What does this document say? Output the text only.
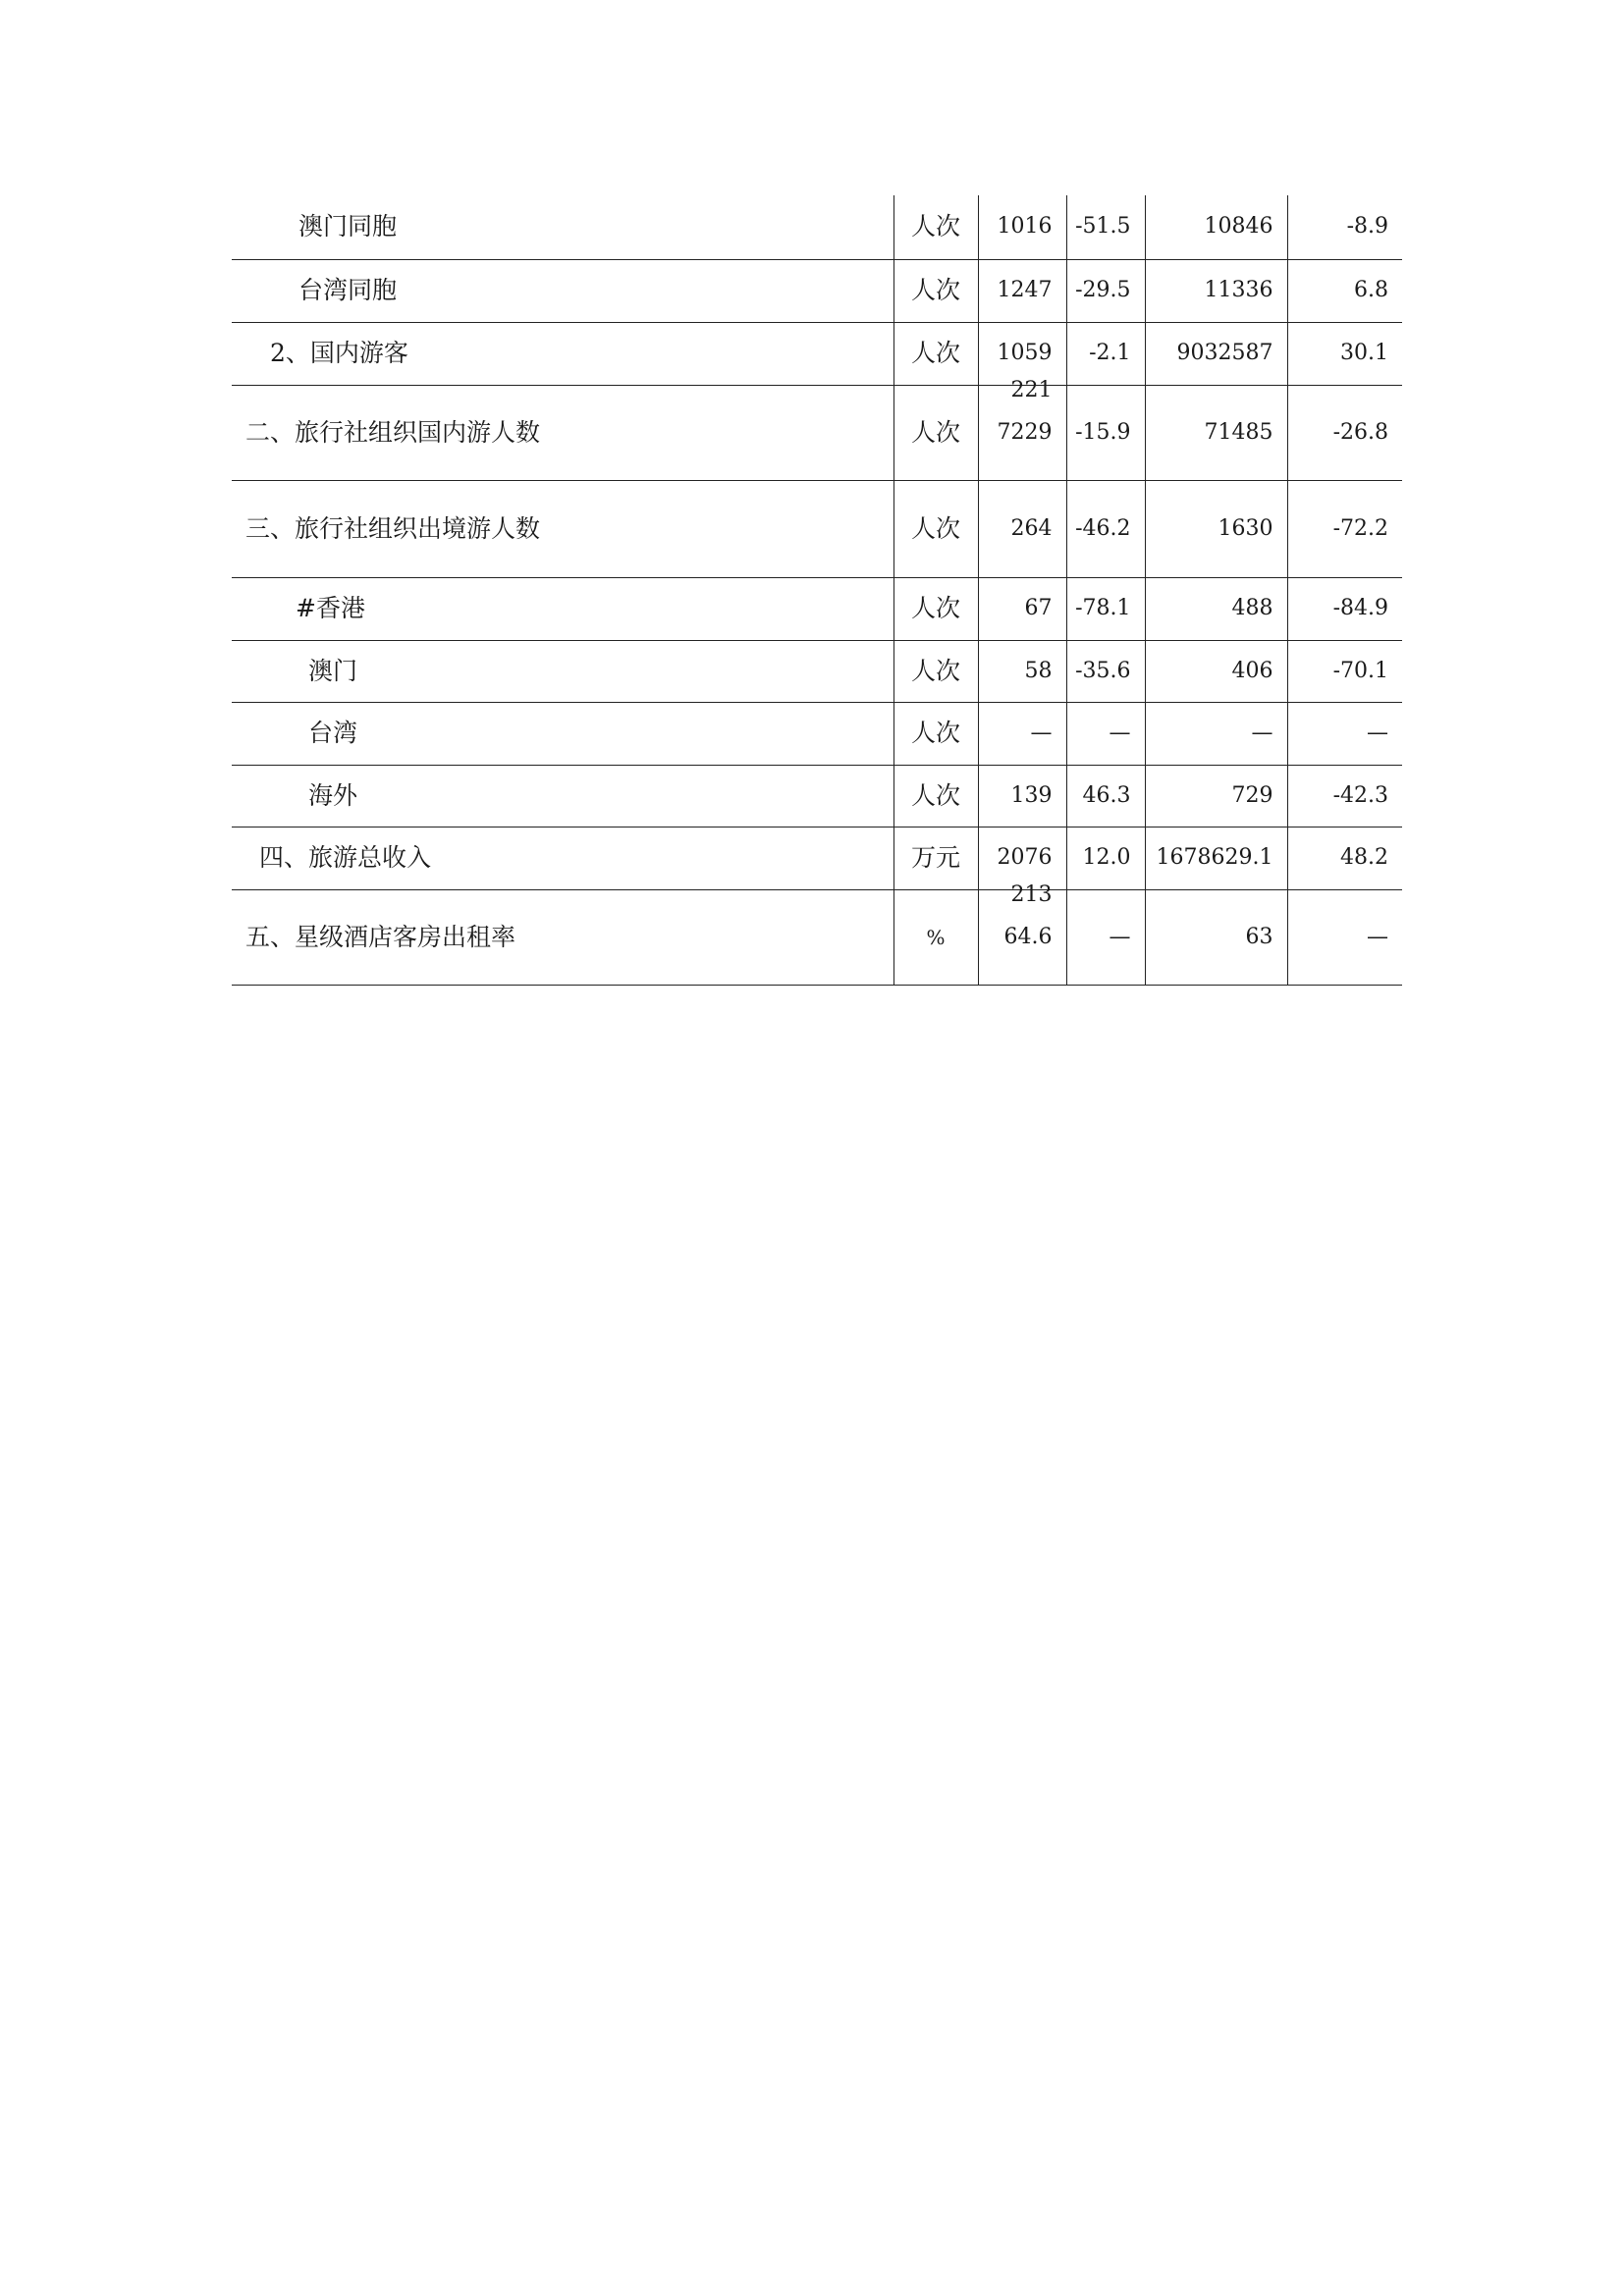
澳门同胞	人次	1016	-51.5	10846	-8.9
台湾同胞	人次	1247	-29.5	11336	6.8
2、国内游客	人次	1059221	-2.1	9032587	30.1
二、旅行社组织国内游人数	人次	7229	-15.9	71485	-26.8
三、旅行社组织出境游人数	人次	264	-46.2	1630	-72.2
#香港	人次	67	-78.1	488	-84.9
澳门	人次	58	-35.6	406	-70.1
台湾	人次	—	—	—	—
海外	人次	139	46.3	729	-42.3
四、旅游总收入	万元	2076213	12.0	1678629.1	48.2
五、星级酒店客房出租率	%	64.6	—	63	—
